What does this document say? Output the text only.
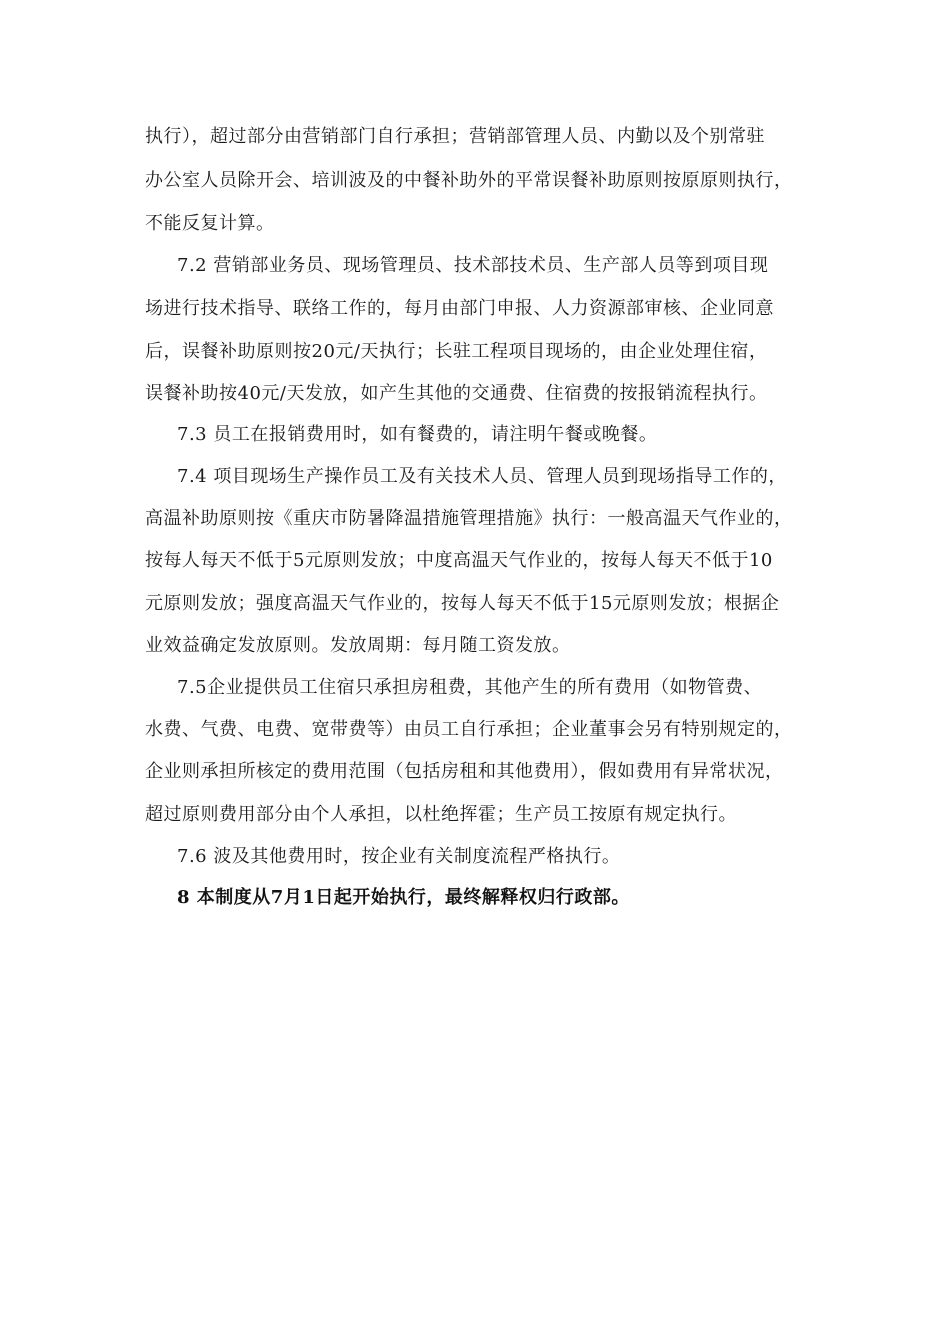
执行），超过部分由营销部门自行承担；营销部管理人员、内勤以及个别常驻
办公室人员除开会、培训波及的中餐补助外的平常误餐补助原则按原原则执行，
不能反复计算。
7.2 营销部业务员、现场管理员、技术部技术员、生产部人员等到项目现
场进行技术指导、联络工作的，每月由部门申报、人力资源部审核、企业同意
后，误餐补助原则按20元/天执行；长驻工程项目现场的，由企业处理住宿，
误餐补助按40元/天发放，如产生其他的交通费、住宿费的按报销流程执行。
7.3 员工在报销费用时，如有餐费的，请注明午餐或晚餐。
7.4 项目现场生产操作员工及有关技术人员、管理人员到现场指导工作的，
高温补助原则按《重庆市防暑降温措施管理措施》执行：一般高温天气作业的，
按每人每天不低于5元原则发放；中度高温天气作业的，按每人每天不低于10
元原则发放；强度高温天气作业的，按每人每天不低于15元原则发放；根据企
业效益确定发放原则。发放周期：每月随工资发放。
7.5企业提供员工住宿只承担房租费，其他产生的所有费用（如物管费、
水费、气费、电费、宽带费等）由员工自行承担；企业董事会另有特别规定的，
企业则承担所核定的费用范围（包括房租和其他费用），假如费用有异常状况，
超过原则费用部分由个人承担，以杜绝挥霍；生产员工按原有规定执行。
7.6 波及其他费用时，按企业有关制度流程严格执行。
8 本制度从7月1日起开始执行，最终解释权归行政部。
